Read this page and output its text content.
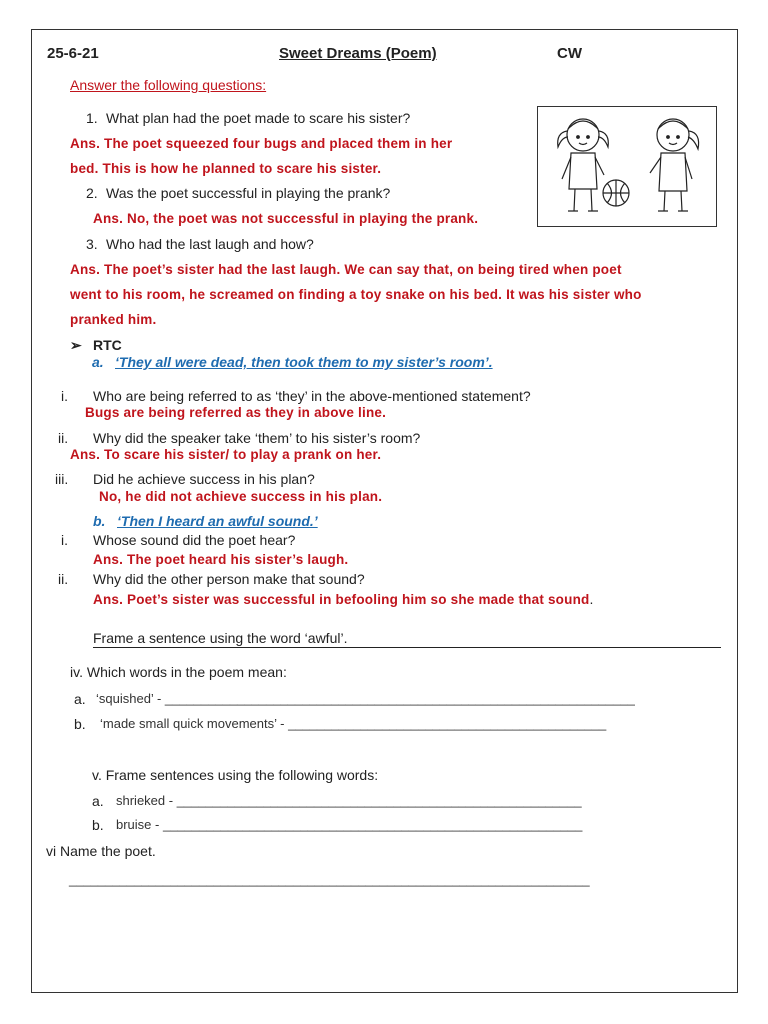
25-6-21	Sweet Dreams (Poem)	CW
Answer the following questions:
1. What plan had the poet made to scare his sister?
Ans. The poet squeezed four bugs and placed them in her
bed. This is how he planned to scare his sister.
2. Was the poet successful in playing the prank?
Ans. No, the poet was not successful in playing the prank.
3. Who had the last laugh and how?
Ans. The poet’s sister had the last laugh. We can say that, on being tired when poet
went to his room, he screamed on finding a toy snake on his bed. It was his sister who
pranked him.
➢ RTC
a. ‘They all were dead, then took them to my sister’s room’.
i. Who are being referred to as ‘they’ in the above-mentioned statement?
Bugs are being referred as they in above line.
ii. Why did the speaker take ‘them’ to his sister’s room?
Ans. To scare his sister/ to play a prank on her.
iii. Did he achieve success in his plan?
No, he did not achieve success in his plan.
b. ‘Then I heard an awful sound.’
i. Whose sound did the poet hear?
Ans. The poet heard his sister’s laugh.
ii. Why did the other person make that sound?
Ans. Poet’s sister was successful in befooling him so she made that sound.
Frame a sentence using the word ‘awful’.
iv. Which words in the poem mean:
a. ‘squished’ - _________________________________________________________________
b. ‘made small quick movements’ - ____________________________________________
v. Frame sentences using the following words:
a. shrieked - ________________________________________________________
b. bruise - __________________________________________________________
vi Name the poet.
________________________________________________________________________
